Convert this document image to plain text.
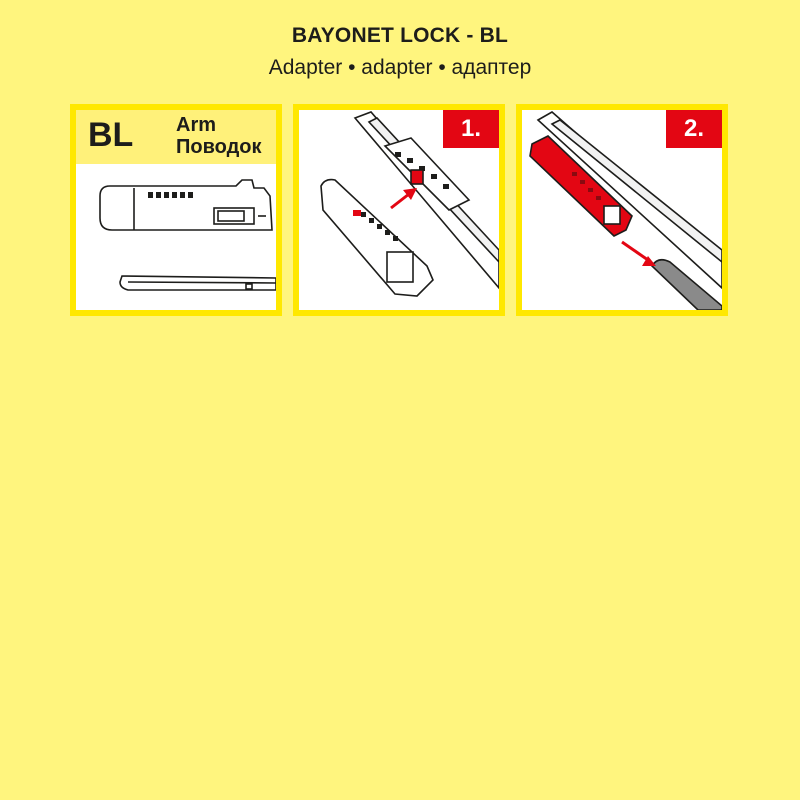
BAYONET LOCK - BL
Adapter • adapter • адаптер
BL Arm
Поводок
1.	2.
